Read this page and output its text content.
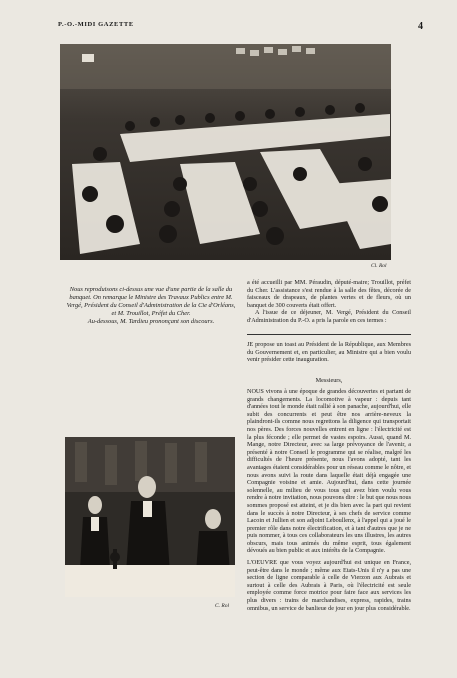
P.-O.-MIDI GAZETTE	4
Cl. Rol

Nous reproduisons ci-dessus une vue d'une partie de la salle du banquet. On remarque le Ministre des Travaux Publics entre M. Vergé, Président du Conseil d'Administration de la Cie d'Orléans, et M. Trouillot, Préfet du Cher.

Au-dessous, M. Tardieu prononçant son discours.

C. Rol

a été accueilli par MM. Péraudin, député-maire; Trouillot, préfet du Cher. L'assistance s'est rendue à la salle des fêtes, décorée de faisceaux de drapeaux, de plantes vertes et de fleurs, où un banquet de 300 couverts était offert.

A l'issue de ce déjeuner, M. Vergé, Président du Conseil d'Administration du P.-O. a pris la parole en ces termes :

JE propose un toast au Président de la République, aux Membres du Gouvernement et, en particulier, au Ministre qui a bien voulu venir présider cette inauguration.

Messieurs,

NOUS vivons à une époque de grandes découvertes et partant de grands changements. La locomotive à vapeur : depuis tant d'années tout le monde était rallié à son panache, aujourd'hui, elle subit des concurrents et peut être nos arrière-neveux la plaindront-ils comme nous regrettons la diligence qui transportait nos pères. Des forces nouvelles entrent en ligne : l'électricité est la plus féconde ; elle permet de vastes espoirs. Aussi, quand M. Mange, notre Directeur, avec sa large prévoyance de l'avenir, a présenté à notre Conseil le programme qui se réalise, malgré les difficultés de l'heure présente, nous l'avons adopté, tant les avantages étaient considérables pour un réseau comme le nôtre, et nous avons suivi la route dans laquelle était déjà engagée une Compagnie voisine et amie. Aujourd'hui, dans cette journée solennelle, au milieu de vous tous qui avez bien voulu vous rendre à notre invitation, nous pouvons dire : le but que nous nous sommes proposé est atteint, et je dis bien avec la part qui revient dans le succès à notre Directeur, à ses chefs de service comme Lacoin et Jullien et son adjoint Leboullenx, à l'appel qui a joué le premier rôle dans notre électrification, et à tant d'autres que je ne puis nommer, à tous ces collaborateurs les uns illustres, les autres obscurs, mais tous animés du même esprit, tous également dévoués au bien public et aux intérêts de la Compagnie.

L'OEUVRE que vous voyez aujourd'hui est unique en France, peut-être dans le monde ; même aux Etats-Unis il n'y a pas une section de ligne comparable à celle de Vierzon aux Aubrais et surtout à celle des Aubrais à Paris, où l'électricité est seule employée comme force motrice pour faire face aux services les plus divers : trains de marchandises, express, rapides, trains omnibus, un service de banlieue de jour en jour plus considérable.
